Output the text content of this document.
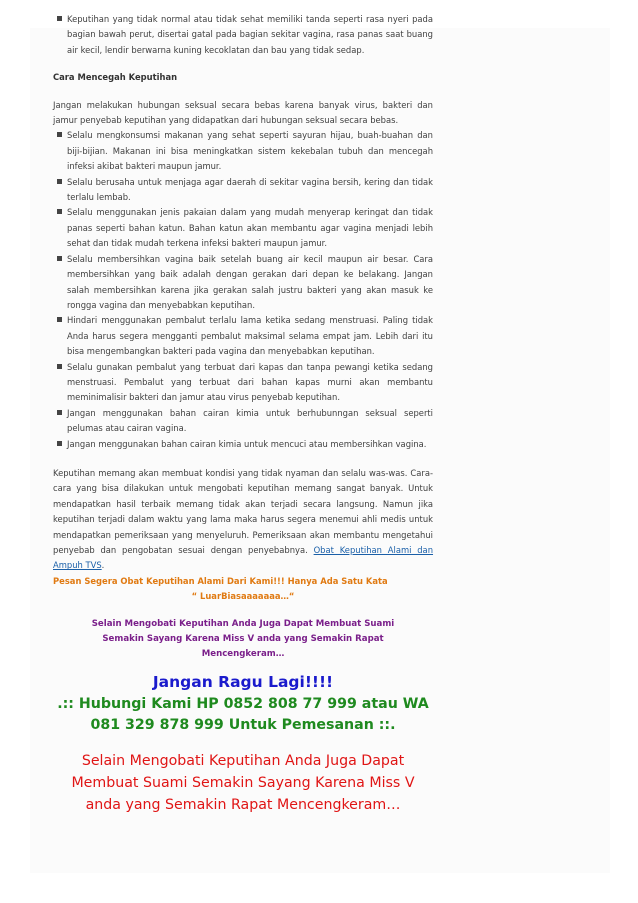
Keputihan yang tidak normal atau tidak sehat memiliki tanda seperti rasa nyeri pada bagian bawah perut, disertai gatal pada bagian sekitar vagina, rasa panas saat buang air kecil, lendir berwarna kuning kecoklatan dan bau yang tidak sedap.
Cara Mencegah Keputihan

Jangan melakukan hubungan seksual secara bebas karena banyak virus, bakteri dan jamur penyebab keputihan yang didapatkan dari hubungan seksual secara bebas.

Selalu mengkonsumsi makanan yang sehat seperti sayuran hijau, buah-buahan dan biji-bijian. Makanan ini bisa meningkatkan sistem kekebalan tubuh dan mencegah infeksi akibat bakteri maupun jamur.
Selalu berusaha untuk menjaga agar daerah di sekitar vagina bersih, kering dan tidak terlalu lembab.
Selalu menggunakan jenis pakaian dalam yang mudah menyerap keringat dan tidak panas seperti bahan katun. Bahan katun akan membantu agar vagina menjadi lebih sehat dan tidak mudah terkena infeksi bakteri maupun jamur.
Selalu membersihkan vagina baik setelah buang air kecil maupun air besar. Cara membersihkan yang baik adalah dengan gerakan dari depan ke belakang. Jangan salah membersihkan karena jika gerakan salah justru bakteri yang akan masuk ke rongga vagina dan menyebabkan keputihan.
Hindari menggunakan pembalut terlalu lama ketika sedang menstruasi. Paling tidak Anda harus segera mengganti pembalut maksimal selama empat jam. Lebih dari itu bisa mengembangkan bakteri pada vagina dan menyebabkan keputihan.
Selalu gunakan pembalut yang terbuat dari kapas dan tanpa pewangi ketika sedang menstruasi. Pembalut yang terbuat dari bahan kapas murni akan membantu meminimalisir bakteri dan jamur atau virus penyebab keputihan.
Jangan menggunakan bahan cairan kimia untuk berhubunngan seksual seperti pelumas atau cairan vagina.
Jangan menggunakan bahan cairan kimia untuk mencuci atau membersihkan vagina.

Keputihan memang akan membuat kondisi yang tidak nyaman dan selalu was-was. Cara-cara yang bisa dilakukan untuk mengobati keputihan memang sangat banyak. Untuk mendapatkan hasil terbaik memang tidak akan terjadi secara langsung. Namun jika keputihan terjadi dalam waktu yang lama maka harus segera menemui ahli medis untuk mendapatkan pemeriksaan yang menyeluruh. Pemeriksaan akan membantu mengetahui penyebab dan pengobatan sesuai dengan penyebabnya. Obat Keputihan Alami dan Ampuh TVS.

Pesan Segera Obat Keputihan Alami Dari Kami!!! Hanya Ada Satu Kata
“ LuarBiasaaaaaaa…“
Selain Mengobati Keputihan Anda Juga Dapat Membuat Suami Semakin Sayang Karena Miss V anda yang Semakin Rapat Mencengkeram…
Jangan Ragu Lagi!!!!
.:: Hubungi Kami HP 0852 808 77 999 atau WA 081 329 878 999 Untuk Pemesanan ::.
Selain Mengobati Keputihan Anda Juga Dapat Membuat Suami Semakin Sayang Karena Miss V anda yang Semakin Rapat Mencengkeram…
